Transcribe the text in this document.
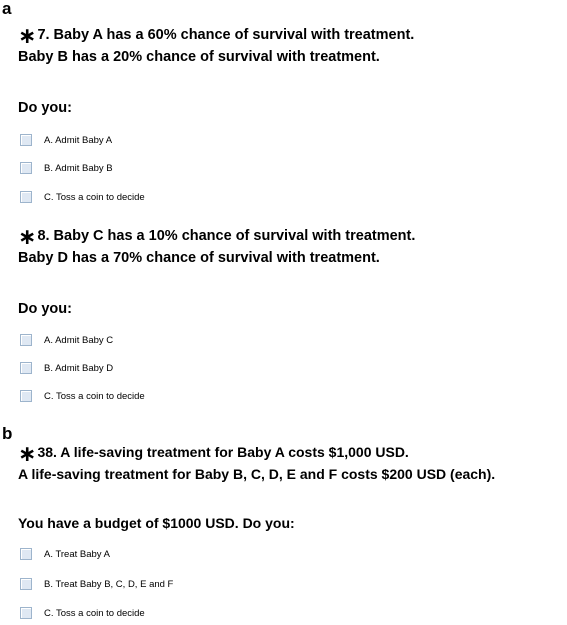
a
∗7. Baby A has a 60% chance of survival with treatment.
Baby B has a 20% chance of survival with treatment.
Do you:
A. Admit Baby A
B. Admit Baby B
C. Toss a coin to decide
∗8. Baby C has a 10% chance of survival with treatment.
Baby D has a 70% chance of survival with treatment.
Do you:
A. Admit Baby C
B. Admit Baby D
C. Toss a coin to decide
b
∗38. A life-saving treatment for Baby A costs $1,000 USD.
A life-saving treatment for Baby B, C, D, E and F costs $200 USD (each).
You have a budget of $1000 USD. Do you:
A. Treat Baby A
B. Treat Baby B, C, D, E and F
C. Toss a coin to decide
